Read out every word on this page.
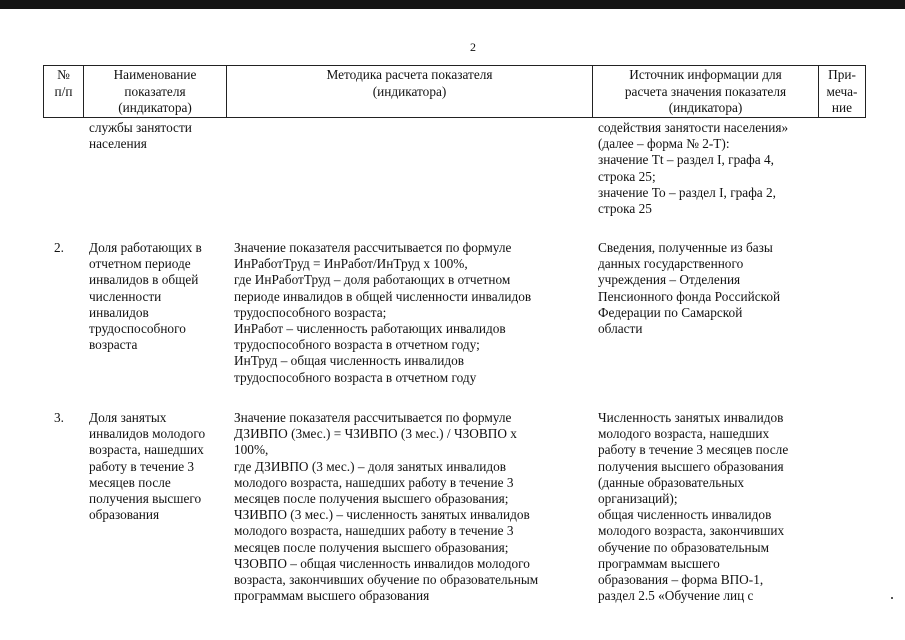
2
№
п/п
Наименование
показателя
(индикатора)
Методика расчета показателя
(индикатора)
Источник информации для
расчета значения показателя
(индикатора)
При-
меча-
ние
службы занятости
населения
содействия занятости населения»
(далее – форма № 2-Т):
значение Tt – раздел I, графа 4,
строка 25;
значение To – раздел I, графа 2,
строка 25
2.	Доля работающих в
отчетном периоде
инвалидов в общей
численности
инвалидов
трудоспособного
возраста
Значение показателя рассчитывается по формуле
ИнРаботТруд = ИнРабот/ИнТруд х 100%,
где ИнРаботТруд – доля работающих в отчетном
периоде инвалидов в общей численности инвалидов
трудоспособного возраста;
ИнРабот – численность работающих инвалидов
трудоспособного возраста в отчетном году;
ИнТруд – общая численность инвалидов
трудоспособного возраста в отчетном году
Сведения, полученные из базы
данных государственного
учреждения – Отделения
Пенсионного фонда Российской
Федерации по Самарской
области
3.	Доля занятых
инвалидов молодого
возраста, нашедших
работу в течение 3
месяцев после
получения высшего
образования
Значение показателя рассчитывается по формуле
ДЗИВПО (3мес.) = ЧЗИВПО (3 мес.) / ЧЗОВПО х
100%,
где ДЗИВПО (3 мес.) – доля занятых инвалидов
молодого возраста, нашедших работу в течение 3
месяцев после получения высшего образования;
ЧЗИВПО (3 мес.) – численность занятых инвалидов
молодого возраста, нашедших работу в течение 3
месяцев после получения высшего образования;
ЧЗОВПО – общая численность инвалидов молодого
возраста, закончивших обучение по образовательным
программам высшего образования
Численность занятых инвалидов
молодого возраста, нашедших
работу в течение 3 месяцев после
получения высшего образования
(данные образовательных
организаций);
общая численность инвалидов
молодого возраста, закончивших
обучение по образовательным
программам высшего
образования – форма ВПО-1,
раздел 2.5 «Обучение лиц с
